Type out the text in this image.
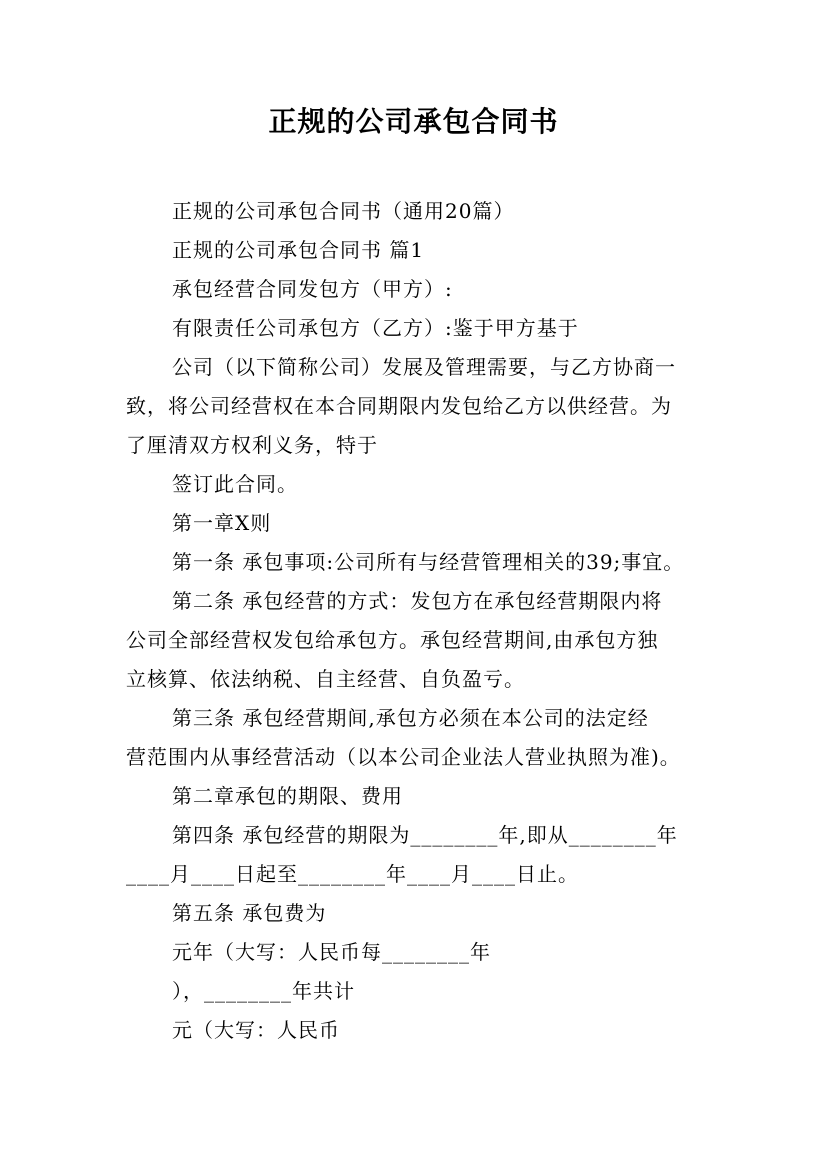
正规的公司承包合同书
正规的公司承包合同书（通用20篇）
正规的公司承包合同书 篇1
承包经营合同发包方（甲方）:
有限责任公司承包方（乙方）:鉴于甲方基于
公司（以下简称公司）发展及管理需要，与乙方协商一
致，将公司经营权在本合同期限内发包给乙方以供经营。为
了厘清双方权利义务，特于
签订此合同。
第一章X则
第一条 承包事项:公司所有与经营管理相关的39;事宜。
第二条 承包经营的方式：发包方在承包经营期限内将
公司全部经营权发包给承包方。承包经营期间,由承包方独
立核算、依法纳税、自主经营、自负盈亏。
第三条 承包经营期间,承包方必须在本公司的法定经
营范围内从事经营活动（以本公司企业法人营业执照为准)。
第二章承包的期限、费用
第四条 承包经营的期限为________年,即从________年
____月____日起至________年____月____日止。
第五条 承包费为
元年（大写：人民币每________年
），________年共计
元（大写：人民币
